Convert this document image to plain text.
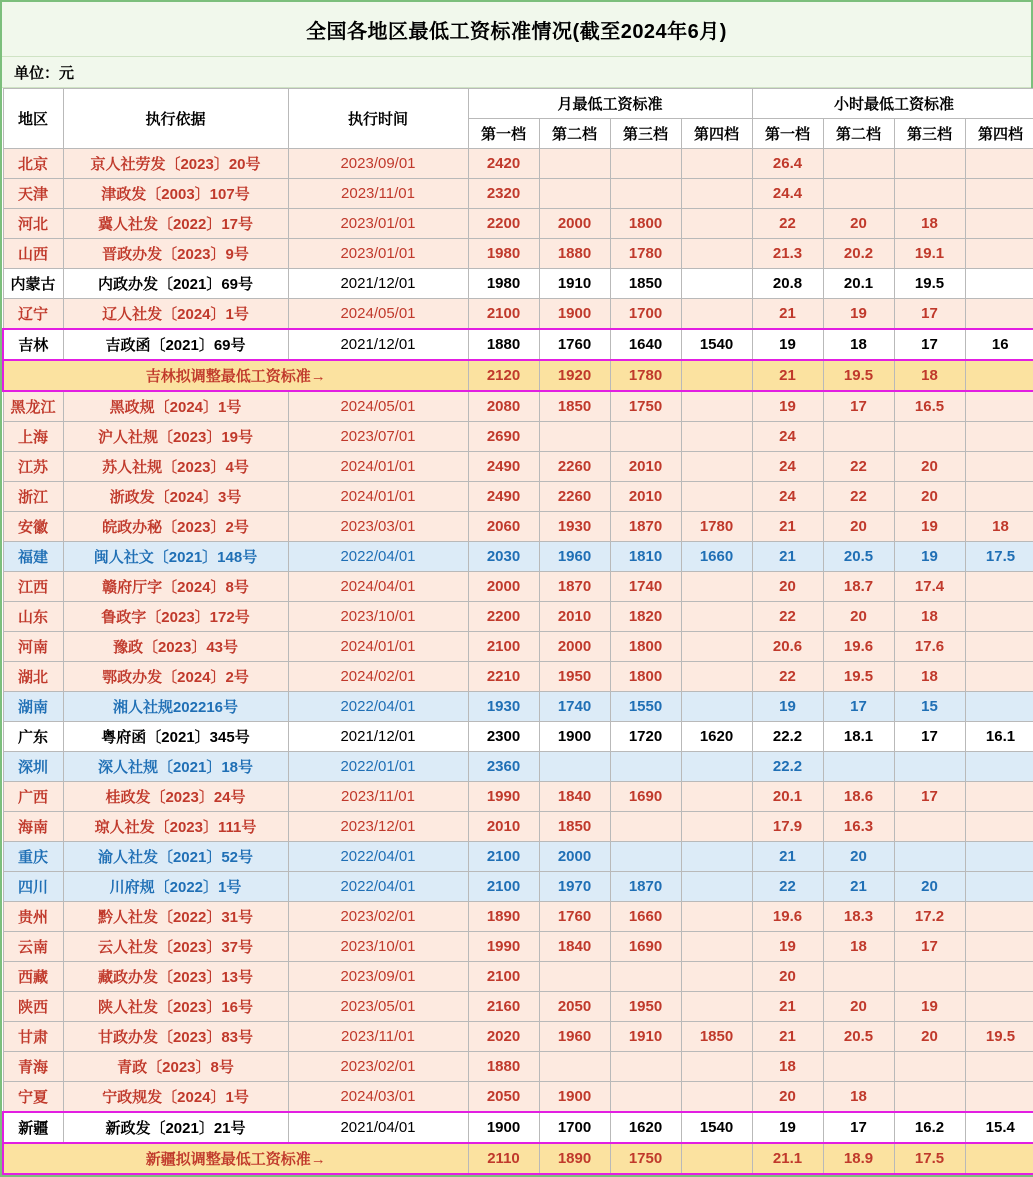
全国各地区最低工资标准情况(截至2024年6月)
单位：元
地区	执行依据	执行时间	月最低工资标准				小时最低工资标准			
			第一档	第二档	第三档	第四档	第一档	第二档	第三档	第四档
北京	京人社劳发〔2023〕20号	2023/09/01	2420				26.4			
天津	津政发〔2003〕107号	2023/11/01	2320				24.4			
河北	冀人社发〔2022〕17号	2023/01/01	2200	2000	1800		22	20	18	
山西	晋政办发〔2023〕9号	2023/01/01	1980	1880	1780		21.3	20.2	19.1	
内蒙古	内政办发〔2021〕69号	2021/12/01	1980	1910	1850		20.8	20.1	19.5	
辽宁	辽人社发〔2024〕1号	2024/05/01	2100	1900	1700		21	19	17	
吉林	吉政函〔2021〕69号	2021/12/01	1880	1760	1640	1540	19	18	17	16
吉林拟调整最低工资标准→			2120	1920	1780		21	19.5	18	
黑龙江	黑政规〔2024〕1号	2024/05/01	2080	1850	1750		19	17	16.5	
上海	沪人社规〔2023〕19号	2023/07/01	2690				24			
江苏	苏人社规〔2023〕4号	2024/01/01	2490	2260	2010		24	22	20	
浙江	浙政发〔2024〕3号	2024/01/01	2490	2260	2010		24	22	20	
安徽	皖政办秘〔2023〕2号	2023/03/01	2060	1930	1870	1780	21	20	19	18
福建	闽人社文〔2021〕148号	2022/04/01	2030	1960	1810	1660	21	20.5	19	17.5
江西	赣府厅字〔2024〕8号	2024/04/01	2000	1870	1740		20	18.7	17.4	
山东	鲁政字〔2023〕172号	2023/10/01	2200	2010	1820		22	20	18	
河南	豫政〔2023〕43号	2024/01/01	2100	2000	1800		20.6	19.6	17.6	
湖北	鄂政办发〔2024〕2号	2024/02/01	2210	1950	1800		22	19.5	18	
湖南	湘人社规202216号	2022/04/01	1930	1740	1550		19	17	15	
广东	粤府函〔2021〕345号	2021/12/01	2300	1900	1720	1620	22.2	18.1	17	16.1
深圳	深人社规〔2021〕18号	2022/01/01	2360				22.2			
广西	桂政发〔2023〕24号	2023/11/01	1990	1840	1690		20.1	18.6	17	
海南	琼人社发〔2023〕111号	2023/12/01	2010	1850			17.9	16.3		
重庆	渝人社发〔2021〕52号	2022/04/01	2100	2000			21	20		
四川	川府规〔2022〕1号	2022/04/01	2100	1970	1870		22	21	20	
贵州	黔人社发〔2022〕31号	2023/02/01	1890	1760	1660		19.6	18.3	17.2	
云南	云人社发〔2023〕37号	2023/10/01	1990	1840	1690		19	18	17	
西藏	藏政办发〔2023〕13号	2023/09/01	2100				20			
陕西	陕人社发〔2023〕16号	2023/05/01	2160	2050	1950		21	20	19	
甘肃	甘政办发〔2023〕83号	2023/11/01	2020	1960	1910	1850	21	20.5	20	19.5
青海	青政〔2023〕8号	2023/02/01	1880				18			
宁夏	宁政规发〔2024〕1号	2024/03/01	2050	1900			20	18		
新疆	新政发〔2021〕21号	2021/04/01	1900	1700	1620	1540	19	17	16.2	15.4
新疆拟调整最低工资标准→			2110	1890	1750		21.1	18.9	17.5	
